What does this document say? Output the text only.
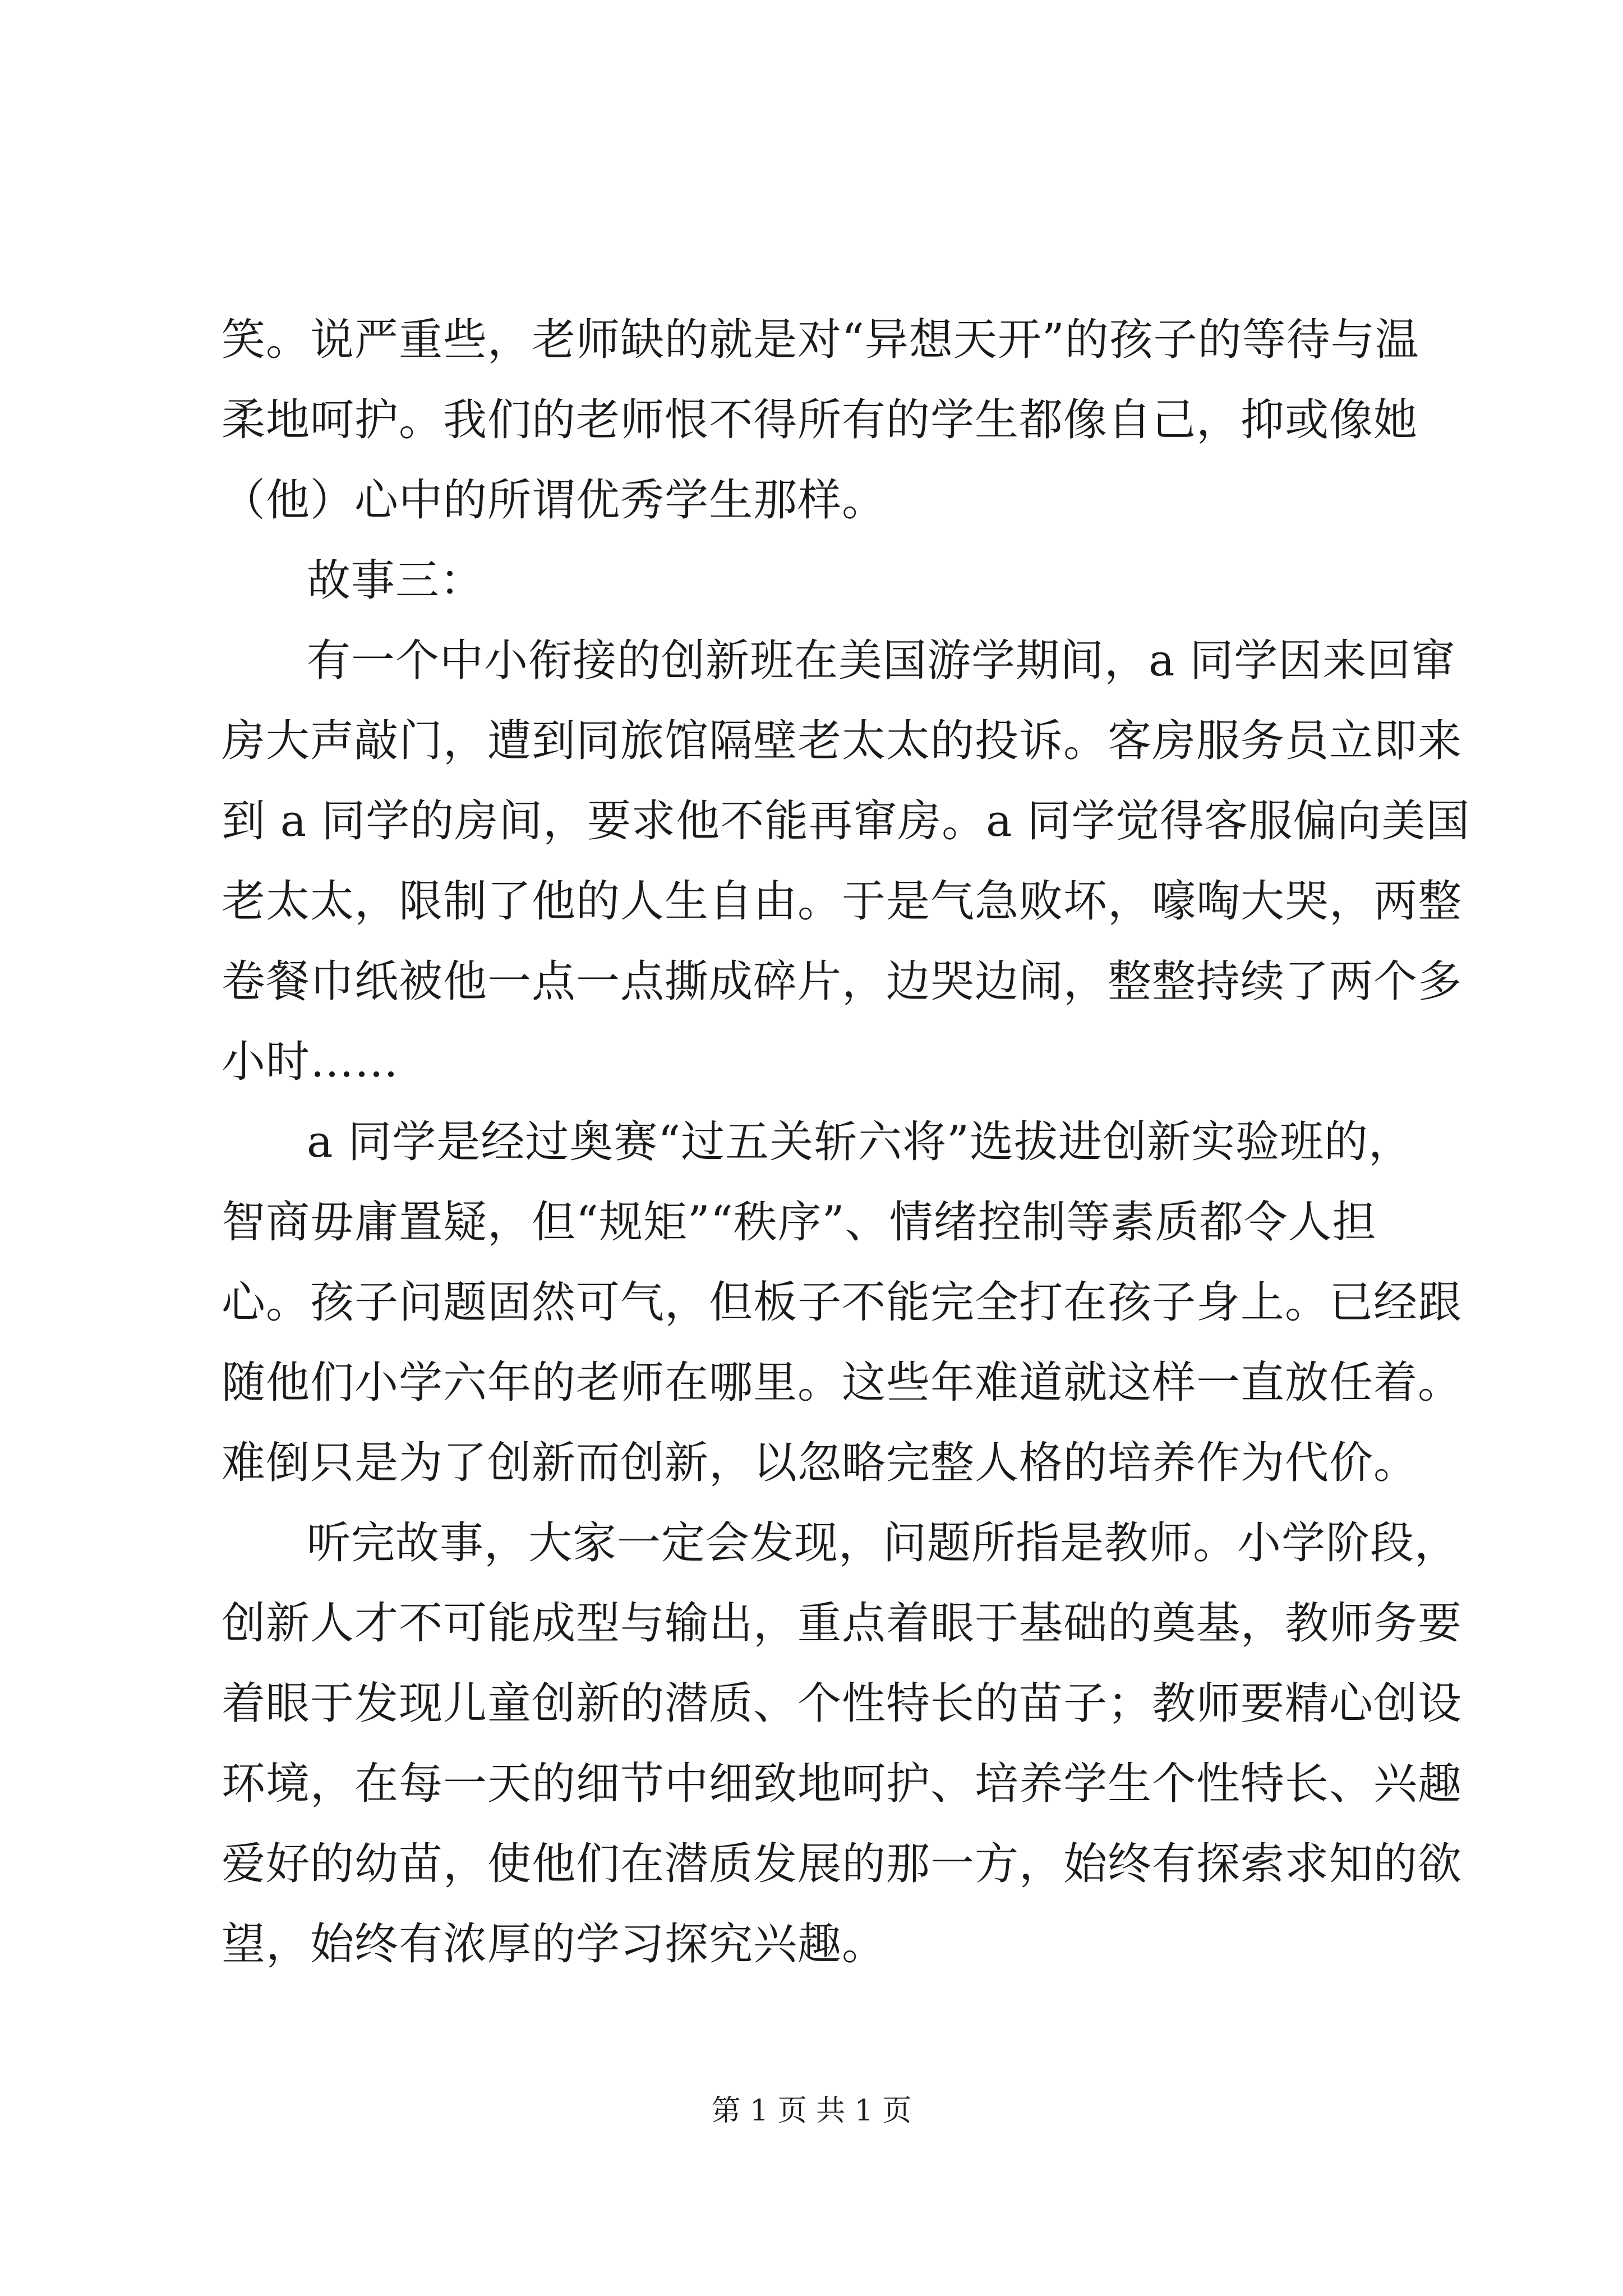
笑。说严重些，老师缺的就是对“异想天开”的孩子的等待与温
柔地呵护。我们的老师恨不得所有的学生都像自己，抑或像她
（他）心中的所谓优秀学生那样。
故事三：
有一个中小衔接的创新班在美国游学期间，a 同学因来回窜
房大声敲门，遭到同旅馆隔壁老太太的投诉。客房服务员立即来
到 a 同学的房间，要求他不能再窜房。a 同学觉得客服偏向美国
老太太，限制了他的人生自由。于是气急败坏，嚎啕大哭，两整
卷餐巾纸被他一点一点撕成碎片，边哭边闹，整整持续了两个多
小时……
a 同学是经过奥赛“过五关斩六将”选拔进创新实验班的，
智商毋庸置疑，但“规矩”“秩序”、情绪控制等素质都令人担
心。孩子问题固然可气，但板子不能完全打在孩子身上。已经跟
随他们小学六年的老师在哪里。这些年难道就这样一直放任着。
难倒只是为了创新而创新，以忽略完整人格的培养作为代价。
听完故事，大家一定会发现，问题所指是教师。小学阶段，
创新人才不可能成型与输出，重点着眼于基础的奠基，教师务要
着眼于发现儿童创新的潜质、个性特长的苗子；教师要精心创设
环境，在每一天的细节中细致地呵护、培养学生个性特长、兴趣
爱好的幼苗，使他们在潜质发展的那一方，始终有探索求知的欲
望，始终有浓厚的学习探究兴趣。
第 1 页 共 1 页
